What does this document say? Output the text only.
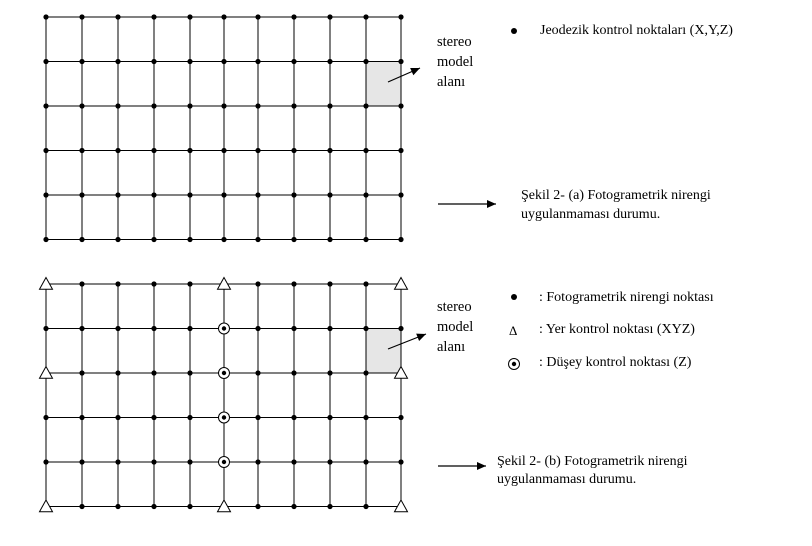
Δ
stereo
model
alanı
Jeodezik kontrol noktaları (X,Y,Z)
Şekil 2- (a) Fotogrametrik nirengi
uygulanmaması durumu.
stereo
model
alanı
: Fotogrametrik nirengi noktası
: Yer kontrol noktası (XYZ)
: Düşey kontrol noktası (Z)
Şekil 2- (b) Fotogrametrik nirengi
uygulanmaması durumu.
